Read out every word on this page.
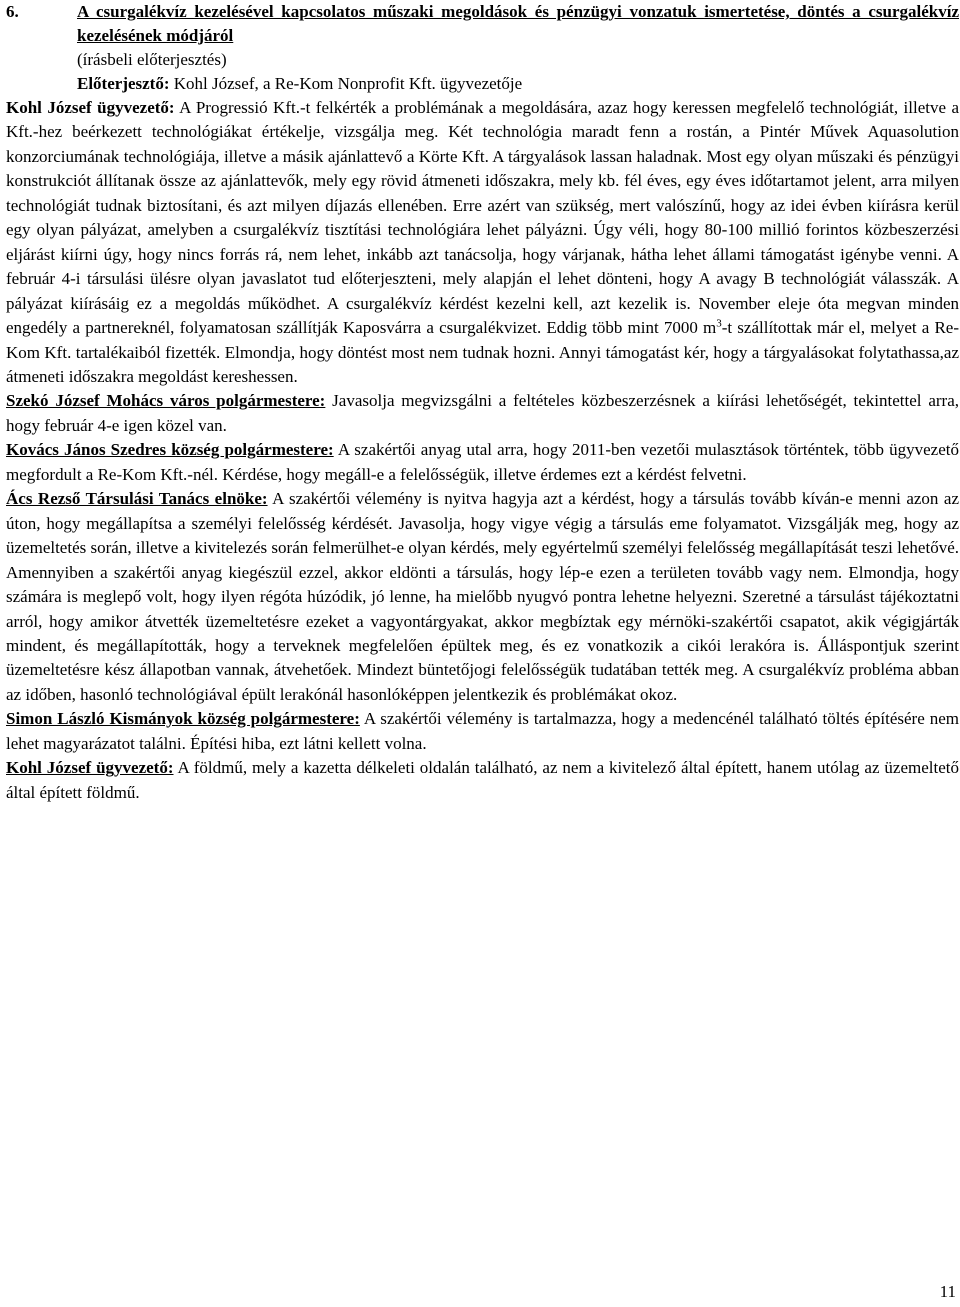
6.	A csurgalékvíz kezelésével kapcsolatos műszaki megoldások és pénzügyi vonzatuk ismertetése, döntés a csurgalékvíz kezelésének módjáról
(írásbeli előterjesztés)
Előterjesztő: Kohl József, a Re-Kom Nonprofit Kft. ügyvezetője

Kohl József ügyvezető: A Progressió Kft.-t felkérték a problémának a megoldására, azaz hogy keressen megfelelő technológiát, illetve a Kft.-hez beérkezett technológiákat értékelje, vizsgálja meg. Két technológia maradt fenn a rostán, a Pintér Művek Aquasolution konzorciumának technológiája, illetve a másik ajánlattevő a Körte Kft. A tárgyalások lassan haladnak. Most egy olyan műszaki és pénzügyi konstrukciót állítanak össze az ajánlattevők, mely egy rövid átmeneti időszakra, mely kb. fél éves, egy éves időtartamot jelent, arra milyen technológiát tudnak biztosítani, és azt milyen díjazás ellenében. Erre azért van szükség, mert valószínű, hogy az idei évben kiírásra kerül egy olyan pályázat, amelyben a csurgalékvíz tisztítási technológiára lehet pályázni. Úgy véli, hogy 80-100 millió forintos közbeszerzési eljárást kiírni úgy, hogy nincs forrás rá, nem lehet, inkább azt tanácsolja, hogy várjanak, hátha lehet állami támogatást igénybe venni. A február 4-i társulási ülésre olyan javaslatot tud előterjeszteni, mely alapján el lehet dönteni, hogy A avagy B technológiát válasszák. A pályázat kiírásáig ez a megoldás működhet. A csurgalékvíz kérdést kezelni kell, azt kezelik is. November eleje óta megvan minden engedély a partnereknél, folyamatosan szállítják Kaposvárra a csurgalékvizet. Eddig több mint 7000 $m^3-t$ szállítottak már el, melyet a Re-Kom Kft. tartalékaiból fizették. Elmondja, hogy döntést most nem tudnak hozni. Annyi támogatást kér, hogy a tárgyalásokat folytathassa,az átmeneti időszakra megoldást kereshessen.

Szekó József Mohács város polgármestere: Javasolja megvizsgálni a feltételes közbeszerzésnek a kiírási lehetőségét, tekintettel arra, hogy február 4-e igen közel van.

Kovács János Szedres község polgármestere: A szakértői anyag utal arra, hogy 2011-ben vezetői mulasztások történtek, több ügyvezető megfordult a Re-Kom Kft.-nél. Kérdése, hogy megáll-e a felelősségük, illetve érdemes ezt a kérdést felvetni.

Ács Rezső Társulási Tanács elnöke: A szakértői vélemény is nyitva hagyja azt a kérdést, hogy a társulás tovább kíván-e menni azon az úton, hogy megállapítsa a személyi felelősség kérdését. Javasolja, hogy vigye végig a társulás eme folyamatot. Vizsgálják meg, hogy az üzemeltetés során, illetve a kivitelezés során felmerülhet-e olyan kérdés, mely egyértelmű személyi felelősség megállapítását teszi lehetővé. Amennyiben a szakértői anyag kiegészül ezzel, akkor eldönti a társulás, hogy lép-e ezen a területen tovább vagy nem. Elmondja, hogy számára is meglepő volt, hogy ilyen régóta húzódik, jó lenne, ha mielőbb nyugvó pontra lehetne helyezni. Szeretné a társulást tájékoztatni arról, hogy amikor átvették üzemeltetésre ezeket a vagyontárgyakat, akkor megbíztak egy mérnöki-szakértői csapatot, akik végigjárták mindent, és megállapították, hogy a terveknek megfelelően épültek meg, és ez vonatkozik a cikói lerakóra is. Álláspontjuk szerint üzemeltetésre kész állapotban vannak, átvehetőek. Mindezt büntetőjogi felelősségük tudatában tették meg. A csurgalékvíz probléma abban az időben, hasonló technológiával épült lerakónál hasonlóképpen jelentkezik és problémákat okoz.

Simon László Kismányok község polgármestere: A szakértői vélemény is tartalmazza, hogy a medencénél található töltés építésére nem lehet magyarázatot találni. Építési hiba, ezt látni kellett volna.

Kohl József ügyvezető: A földmű, mely a kazetta délkeleti oldalán található, az nem a kivitelező által épített, hanem utólag az üzemeltető által épített földmű.

11
